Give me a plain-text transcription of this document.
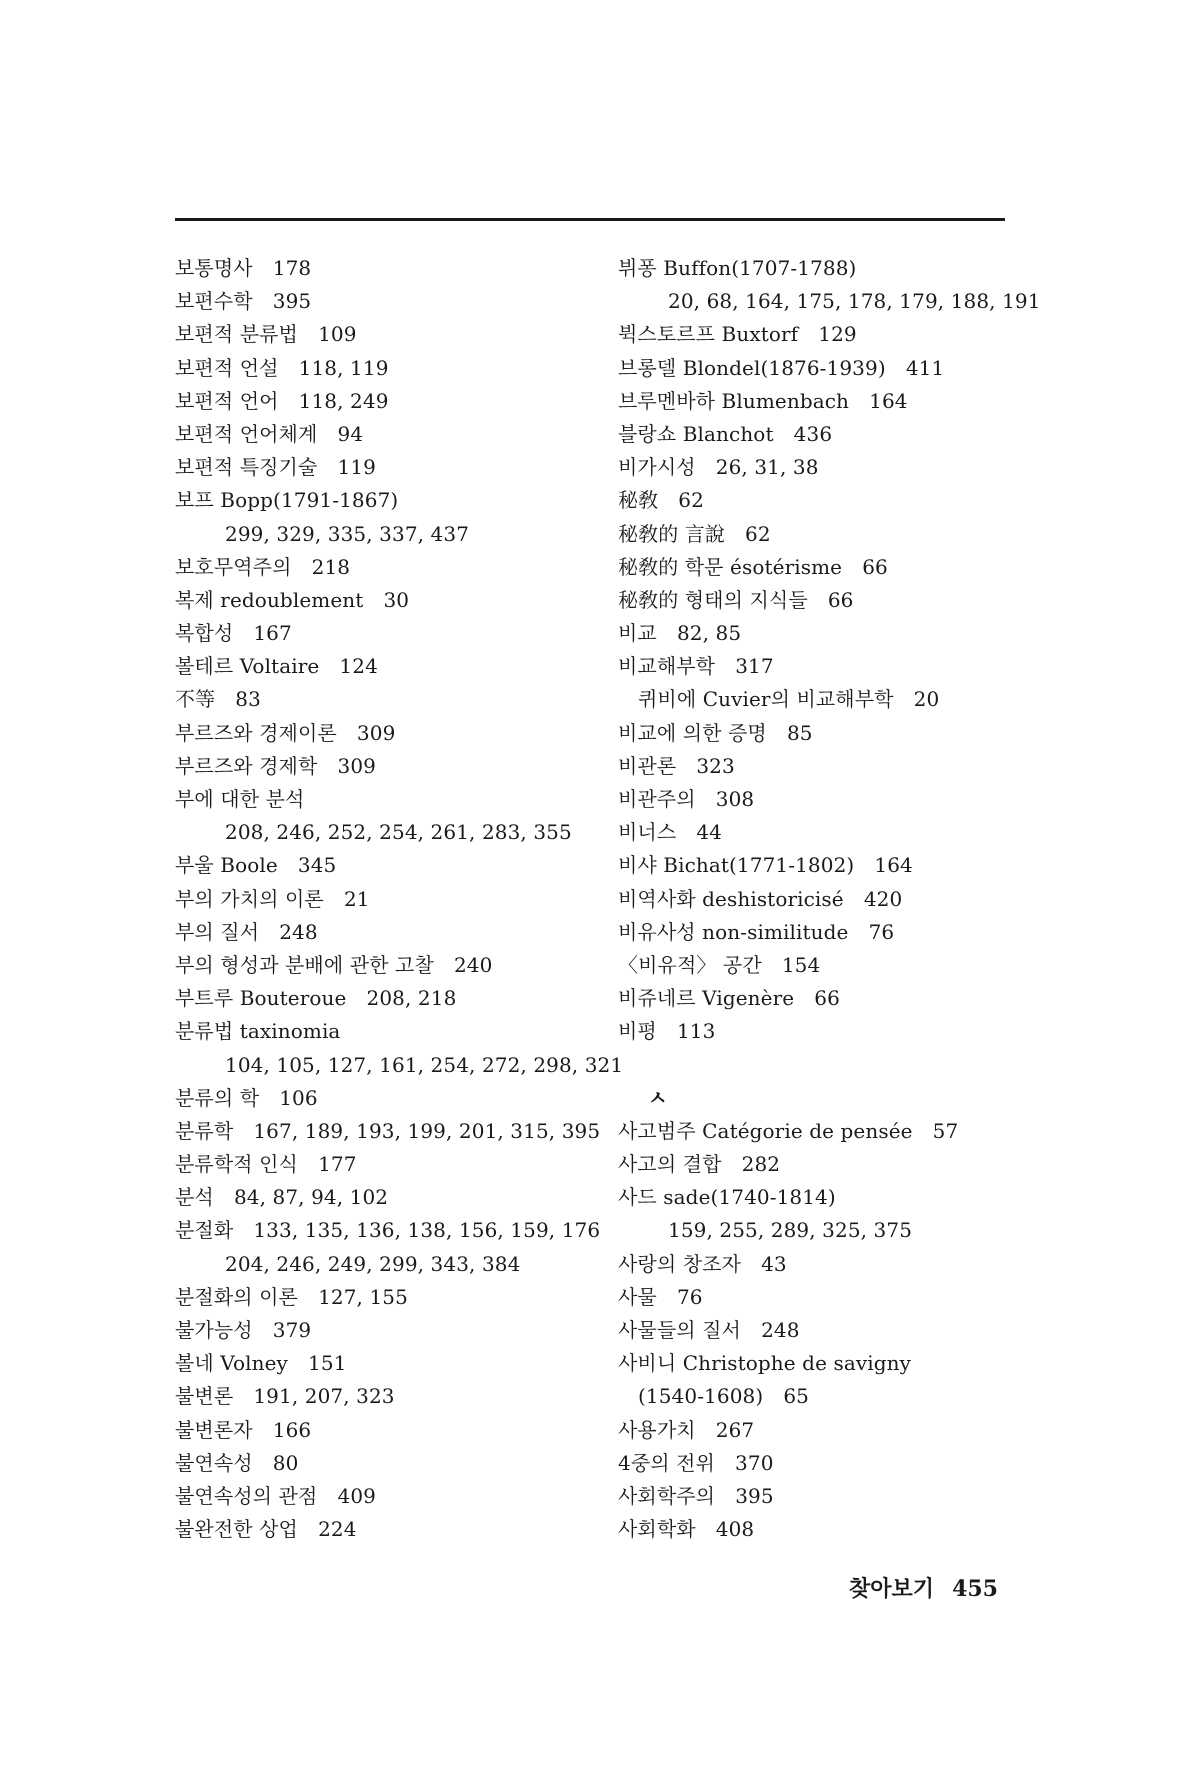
보통명사　178
보편수학　395
보편적 분류법　109
보편적 언설　118, 119
보편적 언어　118, 249
보편적 언어체계　94
보편적 특징기술　119
보프 Bopp(1791-1867)
299, 329, 335, 337, 437
보호무역주의　218
복제 redoublement　30
복합성　167
볼테르 Voltaire　124
不等　83
부르즈와 경제이론　309
부르즈와 경제학　309
부에 대한 분석
208, 246, 252, 254, 261, 283, 355
부울 Boole　345
부의 가치의 이론　21
부의 질서　248
부의 형성과 분배에 관한 고찰　240
부트루 Bouteroue　208, 218
분류법 taxinomia
104, 105, 127, 161, 254, 272, 298, 321
분류의 학　106
분류학　167, 189, 193, 199, 201, 315, 395
분류학적 인식　177
분석　84, 87, 94, 102
분절화　133, 135, 136, 138, 156, 159, 176
204, 246, 249, 299, 343, 384
분절화의 이론　127, 155
불가능성　379
볼네 Volney　151
불변론　191, 207, 323
불변론자　166
불연속성　80
불연속성의 관점　409
불완전한 상업　224
뷔퐁 Buffon(1707-1788)
20, 68, 164, 175, 178, 179, 188, 191
뷕스토르프 Buxtorf　129
브롱델 Blondel(1876-1939)　411
브루멘바하 Blumenbach　164
블랑쇼 Blanchot　436
비가시성　26, 31, 38
秘敎　62
秘敎的 言說　62
秘敎的 학문 ésotérisme　66
秘敎的 형태의 지식들　66
비교　82, 85
비교해부학　317
퀴비에 Cuvier의 비교해부학　20
비교에 의한 증명　85
비관론　323
비관주의　308
비너스　44
비샤 Bichat(1771-1802)　164
비역사화 deshistoricisé　420
비유사성 non-similitude　76
〈비유적〉 공간　154
비쥬네르 Vigenère　66
비평　113
ㅅ
사고범주 Catégorie de pensée　57
사고의 결합　282
사드 sade(1740-1814)
159, 255, 289, 325, 375
사랑의 창조자　43
사물　76
사물들의 질서　248
사비니 Christophe de savigny
(1540-1608)　65
사용가치　267
4중의 전위　370
사회학주의　395
사회학화　408
찾아보기 455
